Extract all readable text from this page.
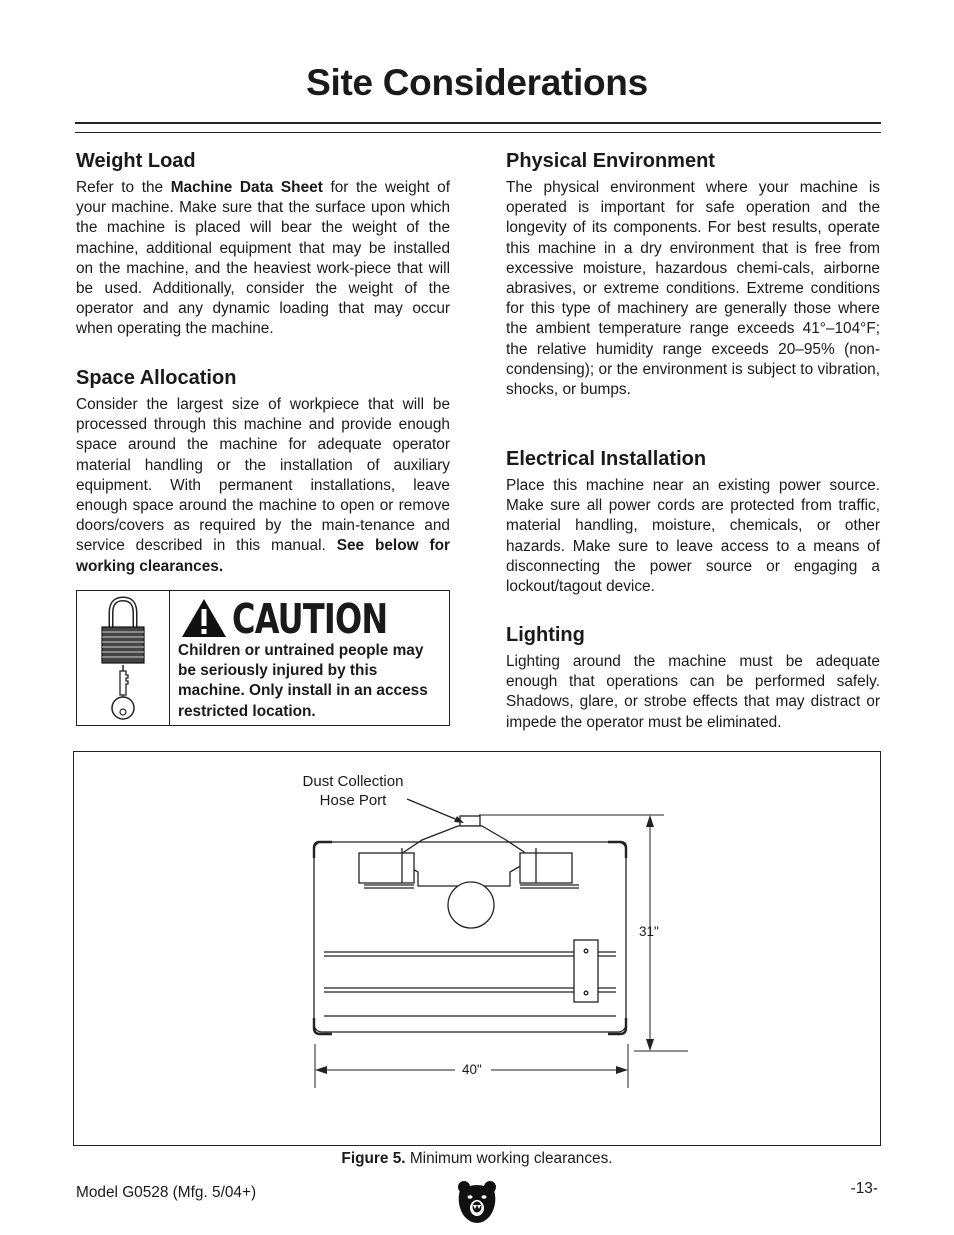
Site Considerations
Weight Load

Refer to the Machine Data Sheet for the weight of your machine. Make sure that the surface upon which the machine is placed will bear the weight of the machine, additional equipment that may be installed on the machine, and the heaviest work-piece that will be used. Additionally, consider the weight of the operator and any dynamic loading that may occur when operating the machine.

Space Allocation

Consider the largest size of workpiece that will be processed through this machine and provide enough space around the machine for adequate operator material handling or the installation of auxiliary equipment. With permanent installations, leave enough space around the machine to open or remove doors/covers as required by the main-tenance and service described in this manual. See below for working clearances.

CAUTION
Children or untrained people may be seriously injured by this machine. Only install in an access restricted location.
Physical Environment

The physical environment where your machine is operated is important for safe operation and the longevity of its components. For best results, operate this machine in a dry environment that is free from excessive moisture, hazardous chemi-cals, airborne abrasives, or extreme conditions. Extreme conditions for this type of machinery are generally those where the ambient temperature range exceeds 41°–104°F; the relative humidity range exceeds 20–95% (non-condensing); or the environment is subject to vibration, shocks, or bumps.

Electrical Installation

Place this machine near an existing power source. Make sure all power cords are protected from traffic, material handling, moisture, chemicals, or other hazards. Make sure to leave access to a means of disconnecting the power source or engaging a lockout/tagout device.

Lighting

Lighting around the machine must be adequate enough that operations can be performed safely. Shadows, glare, or strobe effects that may distract or impede the operator must be eliminated.

Dust Collection
Hose Port
31"
40"
Figure 5. Minimum working clearances.
Model G0528 (Mfg. 5/04+)	-13-
